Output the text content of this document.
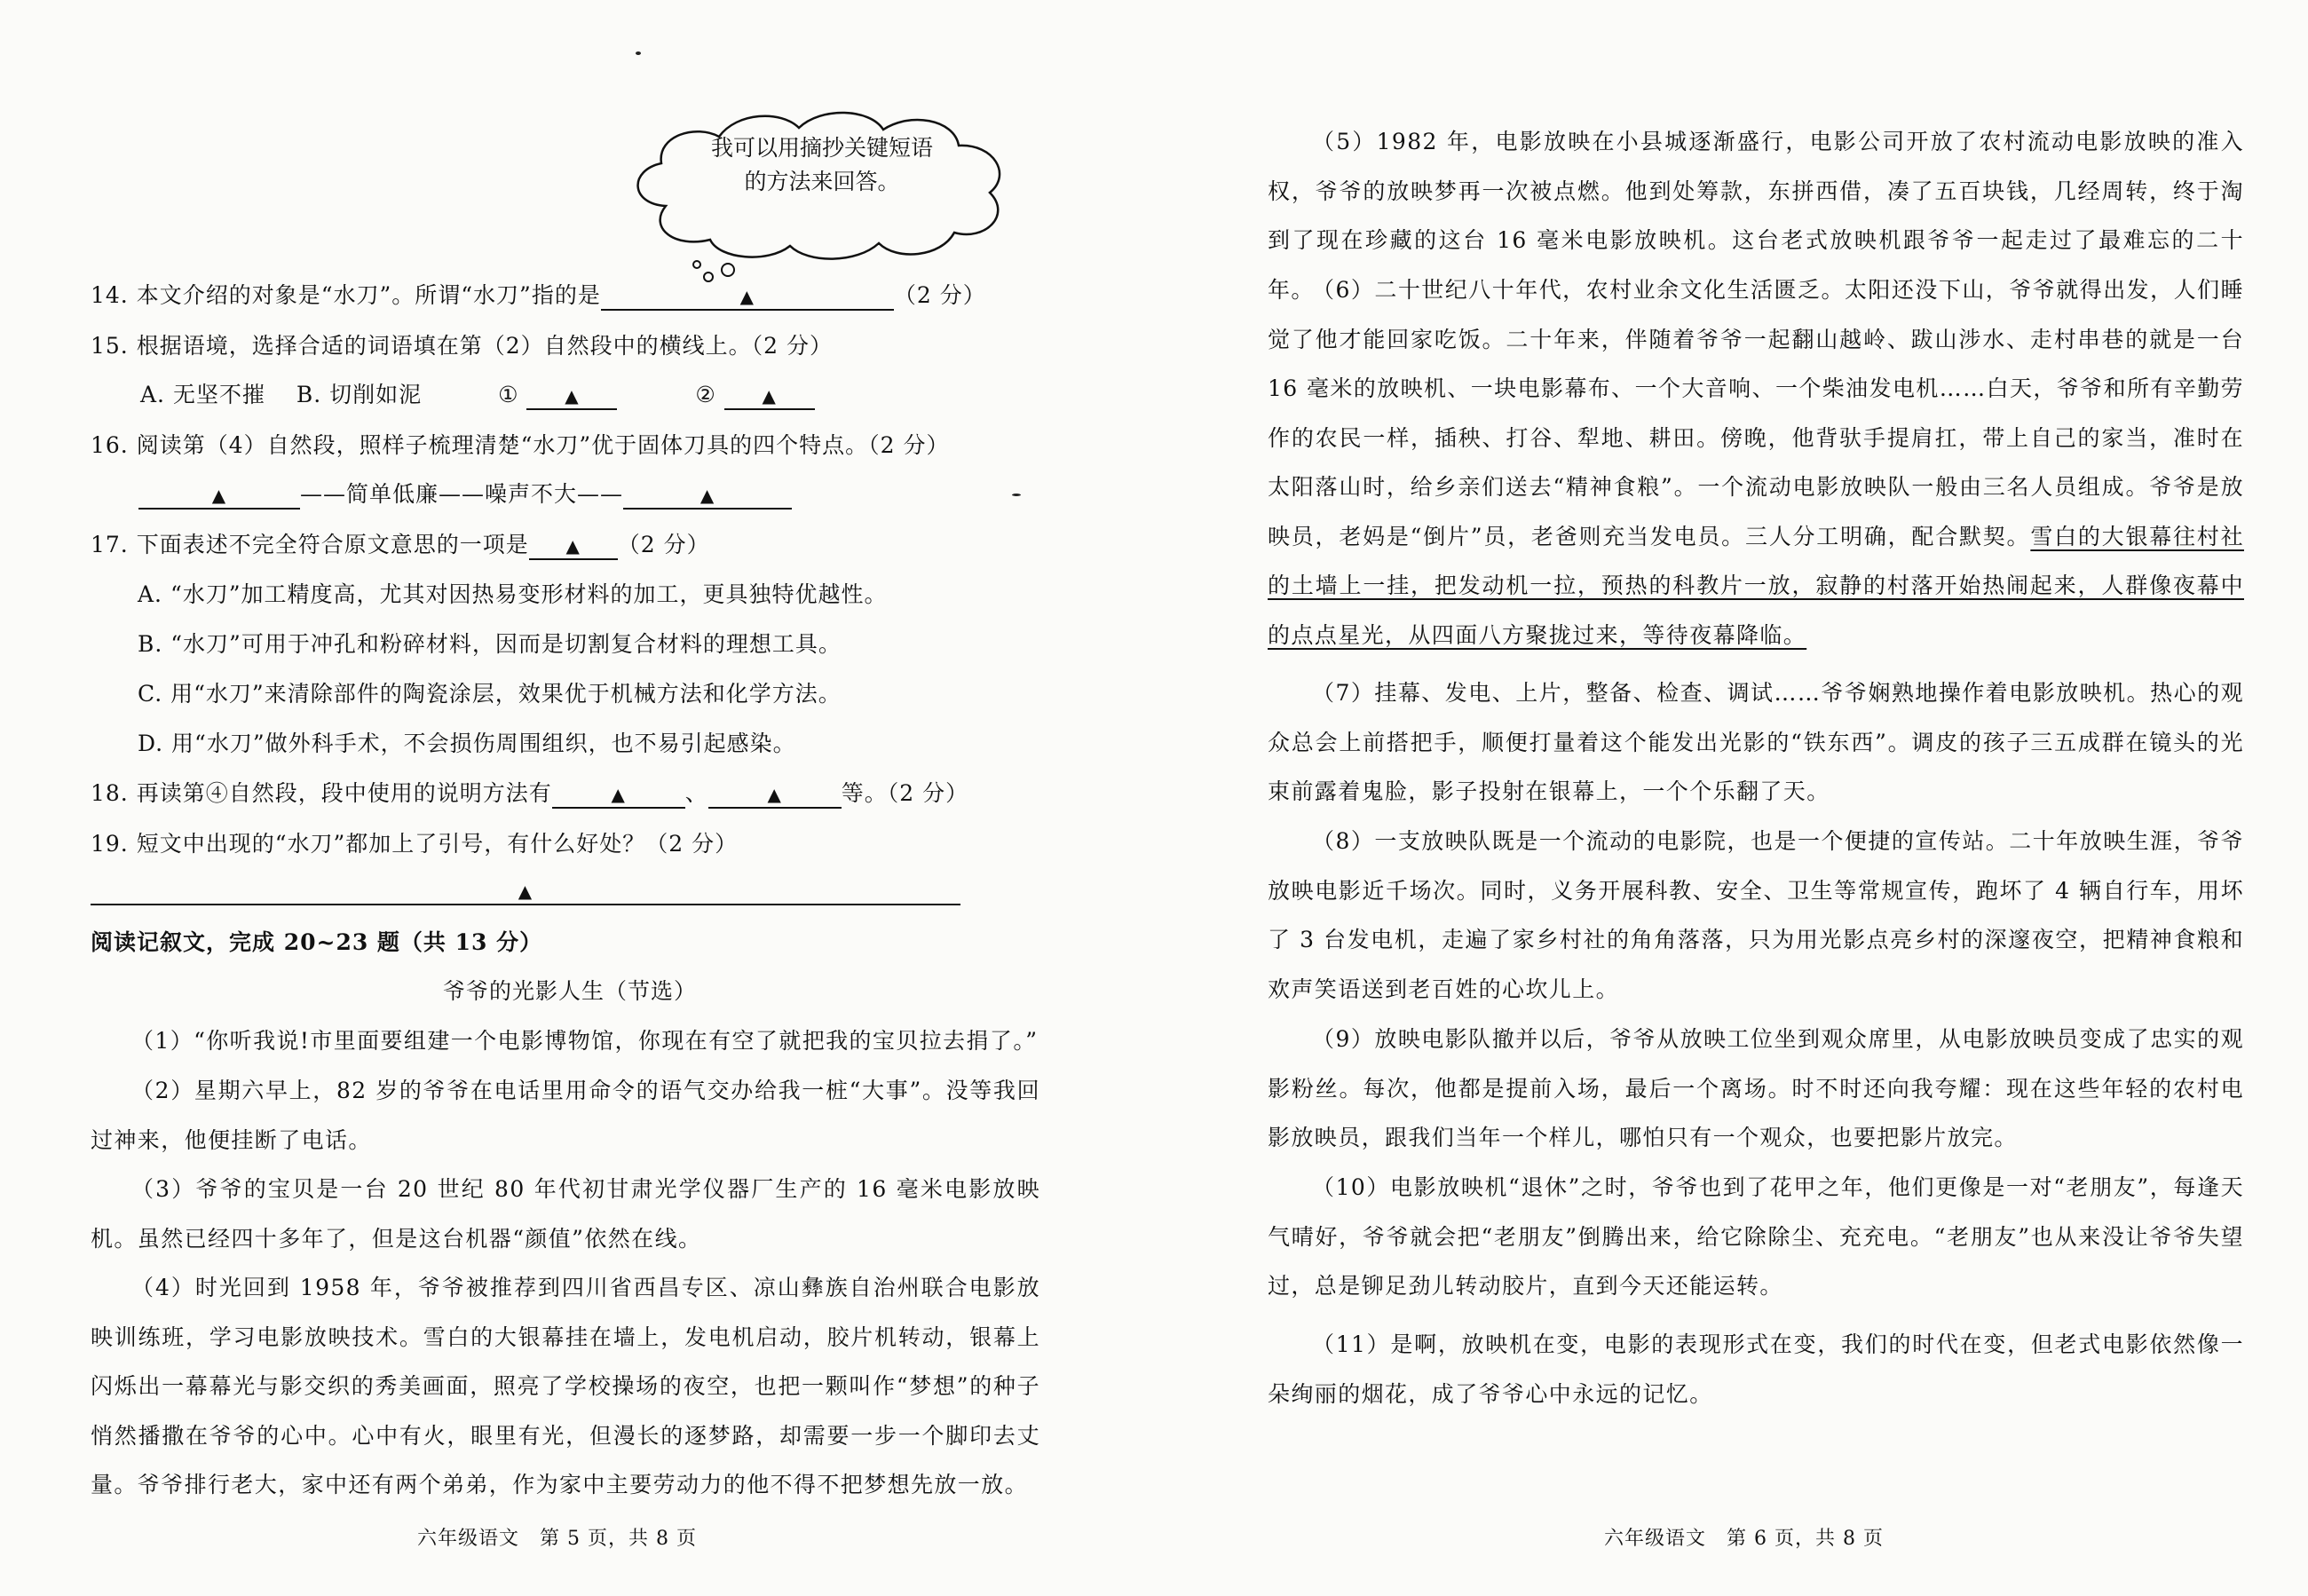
我可以用摘抄关键短语
的方法来回答。
14. 本文介绍的对象是“水刀”。所谓“水刀”指的是	▲	（2 分）
15. 根据语境，选择合适的词语填在第（2）自然段中的横线上。（2 分）
A. 无坚不摧　 B. 切削如泥	①	▲	②	▲
16. 阅读第（4）自然段，照样子梳理清楚“水刀”优于固体刀具的四个特点。（2 分）
▲	——简单低廉——噪声不大——	▲
17. 下面表述不完全符合原文意思的一项是 ▲ （2 分）
A. “水刀”加工精度高，尤其对因热易变形材料的加工，更具独特优越性。
B. “水刀”可用于冲孔和粉碎材料，因而是切割复合材料的理想工具。
C. 用“水刀”来清除部件的陶瓷涂层，效果优于机械方法和化学方法。
D. 用“水刀”做外科手术，不会损伤周围组织，也不易引起感染。
18. 再读第④自然段，段中使用的说明方法有	▲	、	▲	等。（2 分）
19. 短文中出现的“水刀”都加上了引号，有什么好处？（2 分）
▲
阅读记叙文，完成 20~23 题（共 13 分）
爷爷的光影人生（节选）
（1）“你听我说!市里面要组建一个电影博物馆，你现在有空了就把我的宝贝拉去捐了。”
（2）星期六早上，82 岁的爷爷在电话里用命令的语气交办给我一桩“大事”。没等我回过神来，他便挂断了电话。
（3）爷爷的宝贝是一台 20 世纪 80 年代初甘肃光学仪器厂生产的 16 毫米电影放映机。虽然已经四十多年了，但是这台机器“颜值”依然在线。
（4）时光回到 1958 年，爷爷被推荐到四川省西昌专区、凉山彝族自治州联合电影放映训练班，学习电影放映技术。雪白的大银幕挂在墙上，发电机启动，胶片机转动，银幕上闪烁出一幕幕光与影交织的秀美画面，照亮了学校操场的夜空，也把一颗叫作“梦想”的种子悄然播撒在爷爷的心中。心中有火，眼里有光，但漫长的逐梦路，却需要一步一个脚印去丈量。爷爷排行老大，家中还有两个弟弟，作为家中主要劳动力的他不得不把梦想先放一放。
六年级语文　第 5 页，共 8 页
（5）1982 年，电影放映在小县城逐渐盛行，电影公司开放了农村流动电影放映的准入权，爷爷的放映梦再一次被点燃。他到处筹款，东拼西借，凑了五百块钱，几经周转，终于淘到了现在珍藏的这台 16 毫米电影放映机。这台老式放映机跟爷爷一起走过了最难忘的二十年。
（6）二十世纪八十年代，农村业余文化生活匮乏。太阳还没下山，爷爷就得出发，人们睡觉了他才能回家吃饭。二十年来，伴随着爷爷一起翻山越岭、跋山涉水、走村串巷的就是一台 16 毫米的放映机、一块电影幕布、一个大音响、一个柴油发电机……白天，爷爷和所有辛勤劳作的农民一样，插秧、打谷、犁地、耕田。傍晚，他背驮手提肩扛，带上自己的家当，准时在太阳落山时，给乡亲们送去“精神食粮”。一个流动电影放映队一般由三名人员组成。爷爷是放映员，老妈是“倒片”员，老爸则充当发电员。三人分工明确，配合默契。雪白的大银幕往村社的土墙上一挂，把发动机一拉，预热的科教片一放，寂静的村落开始热闹起来，人群像夜幕中的点点星光，从四面八方聚拢过来，等待夜幕降临。
（7）挂幕、发电、上片，整备、检查、调试……爷爷娴熟地操作着电影放映机。热心的观众总会上前搭把手，顺便打量着这个能发出光影的“铁东西”。调皮的孩子三五成群在镜头的光束前露着鬼脸，影子投射在银幕上，一个个乐翻了天。
（8）一支放映队既是一个流动的电影院，也是一个便捷的宣传站。二十年放映生涯，爷爷放映电影近千场次。同时，义务开展科教、安全、卫生等常规宣传，跑坏了 4 辆自行车，用坏了 3 台发电机，走遍了家乡村社的角角落落，只为用光影点亮乡村的深邃夜空，把精神食粮和欢声笑语送到老百姓的心坎儿上。
（9）放映电影队撤并以后，爷爷从放映工位坐到观众席里，从电影放映员变成了忠实的观影粉丝。每次，他都是提前入场，最后一个离场。时不时还向我夸耀：现在这些年轻的农村电影放映员，跟我们当年一个样儿，哪怕只有一个观众，也要把影片放完。
（10）电影放映机“退休”之时，爷爷也到了花甲之年，他们更像是一对“老朋友”，每逢天气晴好，爷爷就会把“老朋友”倒腾出来，给它除除尘、充充电。“老朋友”也从来没让爷爷失望过，总是铆足劲儿转动胶片，直到今天还能运转。
（11）是啊，放映机在变，电影的表现形式在变，我们的时代在变，但老式电影依然像一朵绚丽的烟花，成了爷爷心中永远的记忆。
六年级语文　第 6 页，共 8 页
